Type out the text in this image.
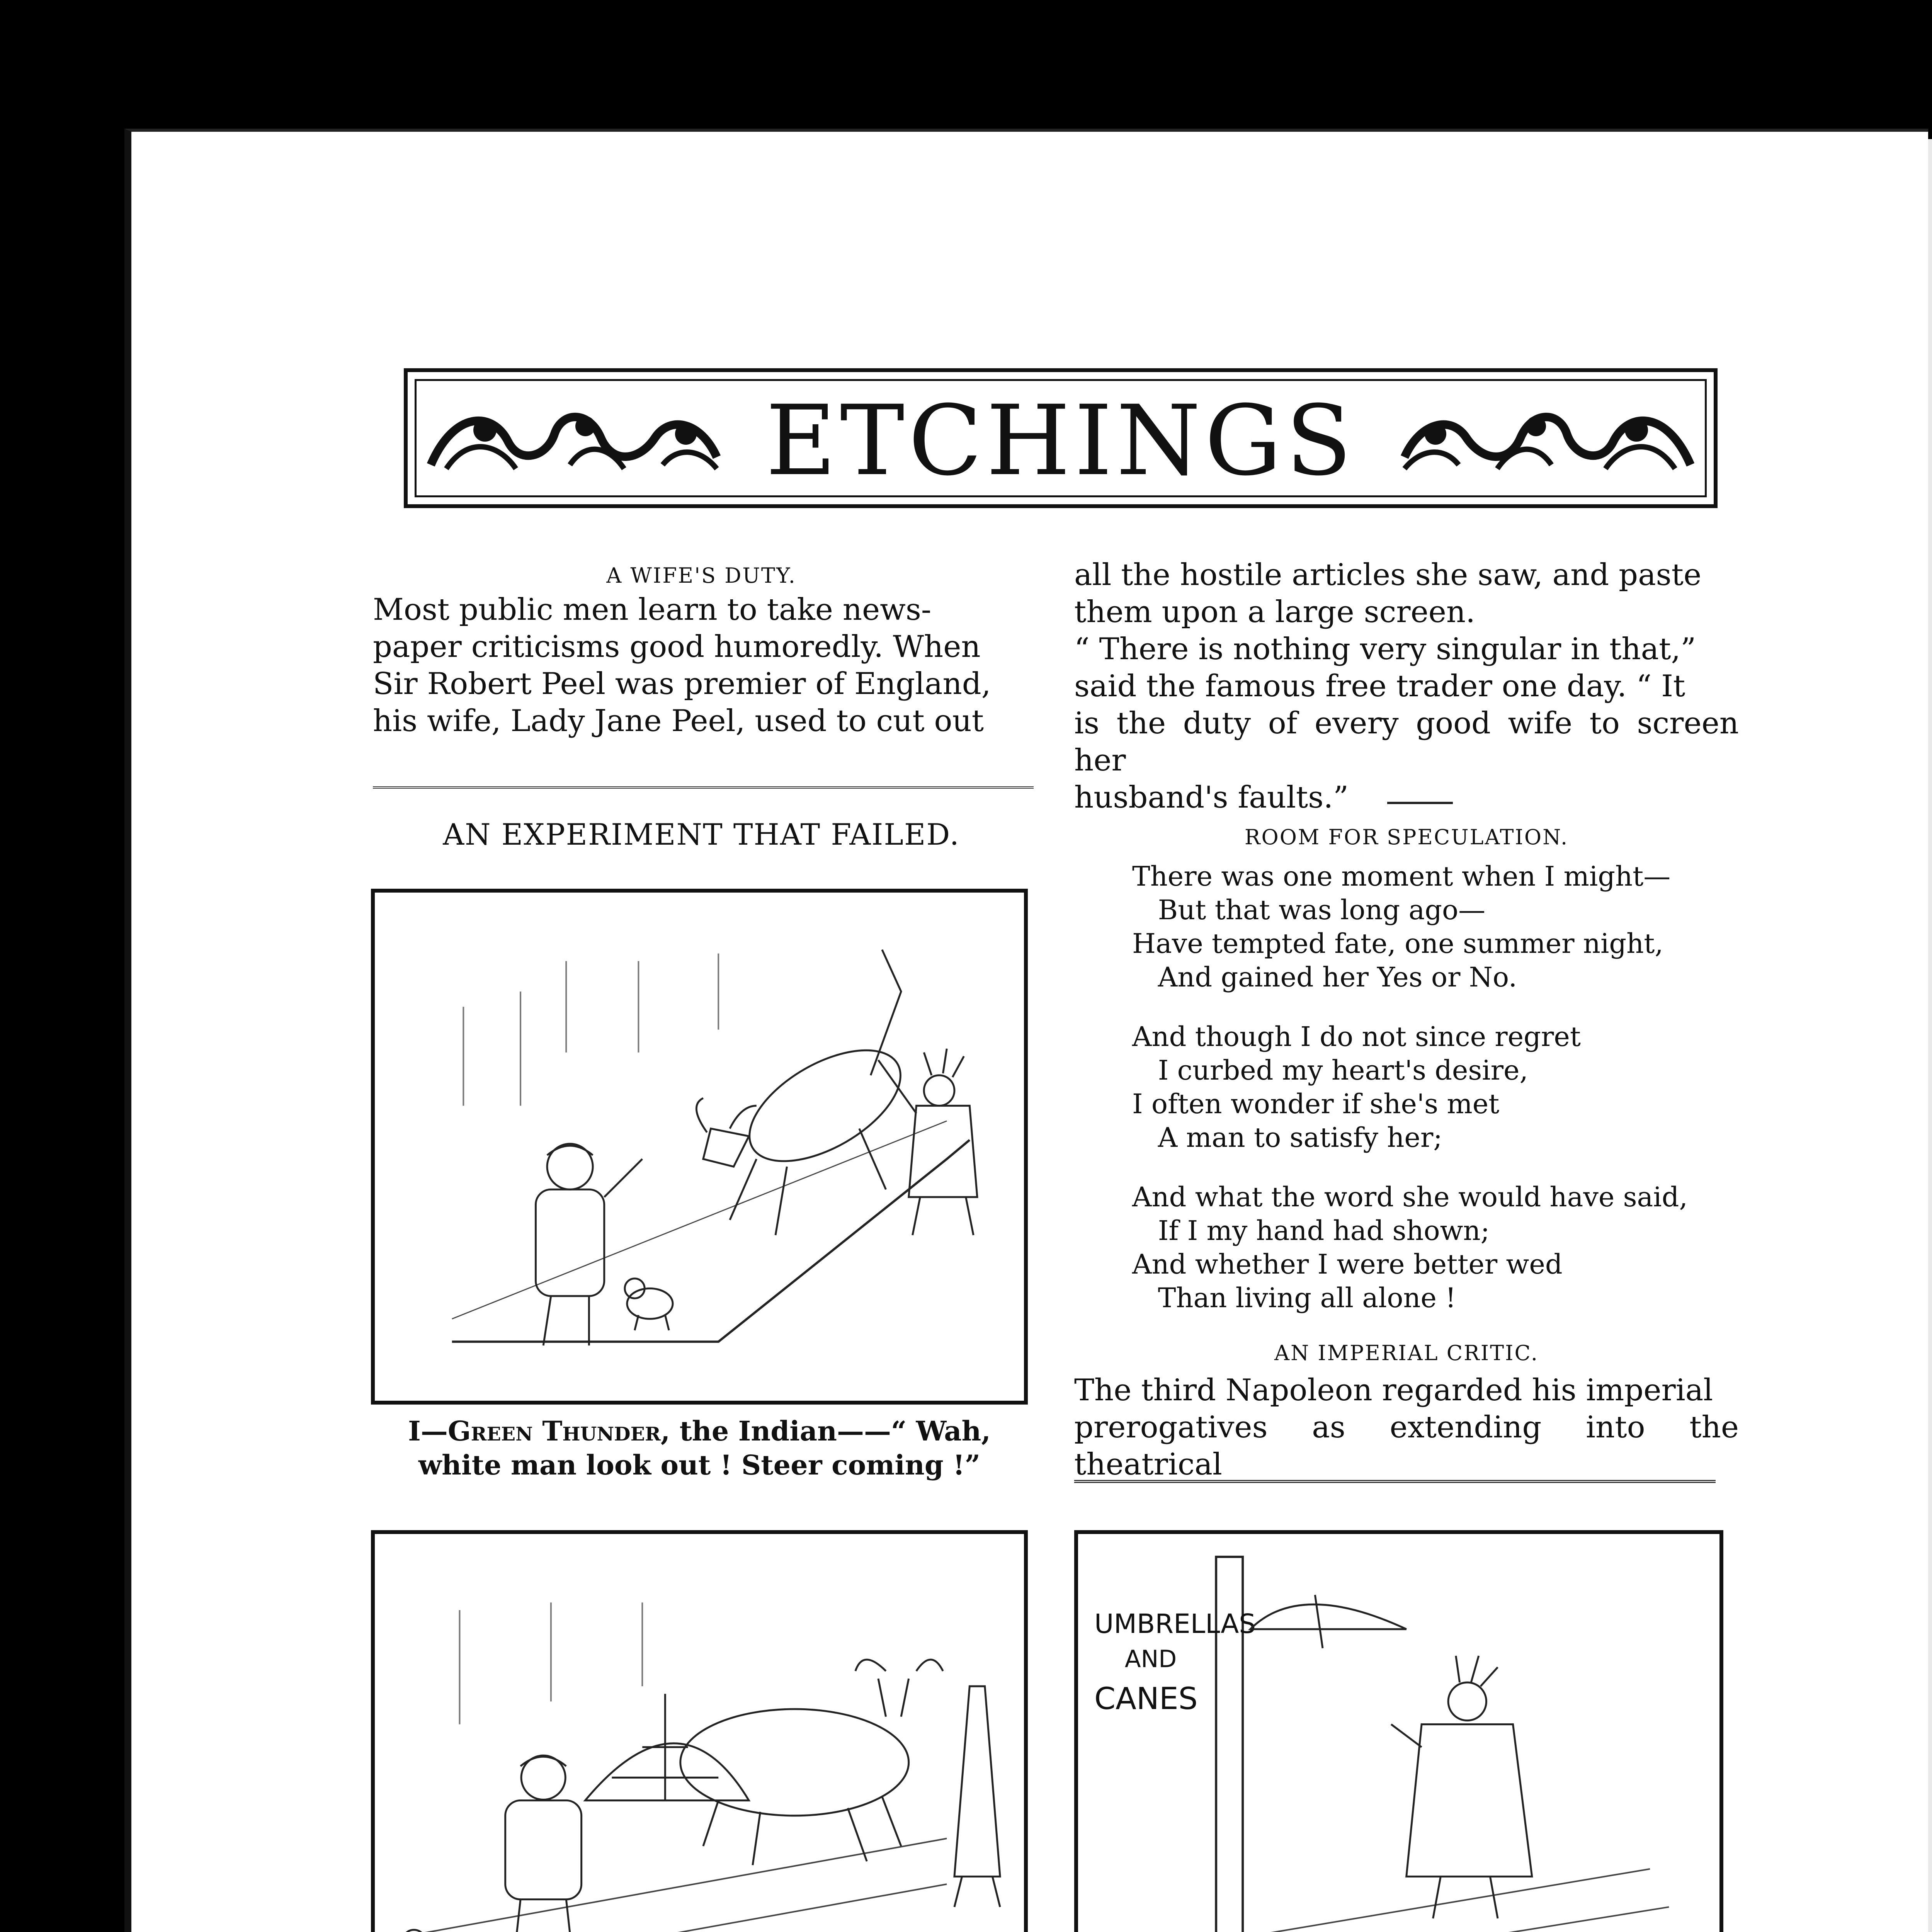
ETCHINGS
A WIFE'S DUTY.

Most public men learn to take news-

paper criticisms good humoredly. When

Sir Robert Peel was premier of England,

his wife, Lady Jane Peel, used to cut out

AN EXPERIMENT THAT FAILED.

all the hostile articles she saw, and paste

them upon a large screen.

“ There is nothing very singular in that,”

said the famous free trader one day. “ It

is the duty of every good wife to screen her

husband's faults.”

ROOM FOR SPECULATION.
There was one moment when I might—
But that was long ago—
Have tempted fate, one summer night,
And gained her Yes or No.
And though I do not since regret
I curbed my heart's desire,
I often wonder if she's met
A man to satisfy her;
And what the word she would have said,
If I my hand had shown;
And whether I were better wed
Than living all alone !
AN IMPERIAL CRITIC.

The third Napoleon regarded his imperial

prerogatives as extending into the theatrical

I—Green Thunder, the Indian——“ Wah,
white man look out ! Steer coming !”
UMBRELLAS
AND
CANES
